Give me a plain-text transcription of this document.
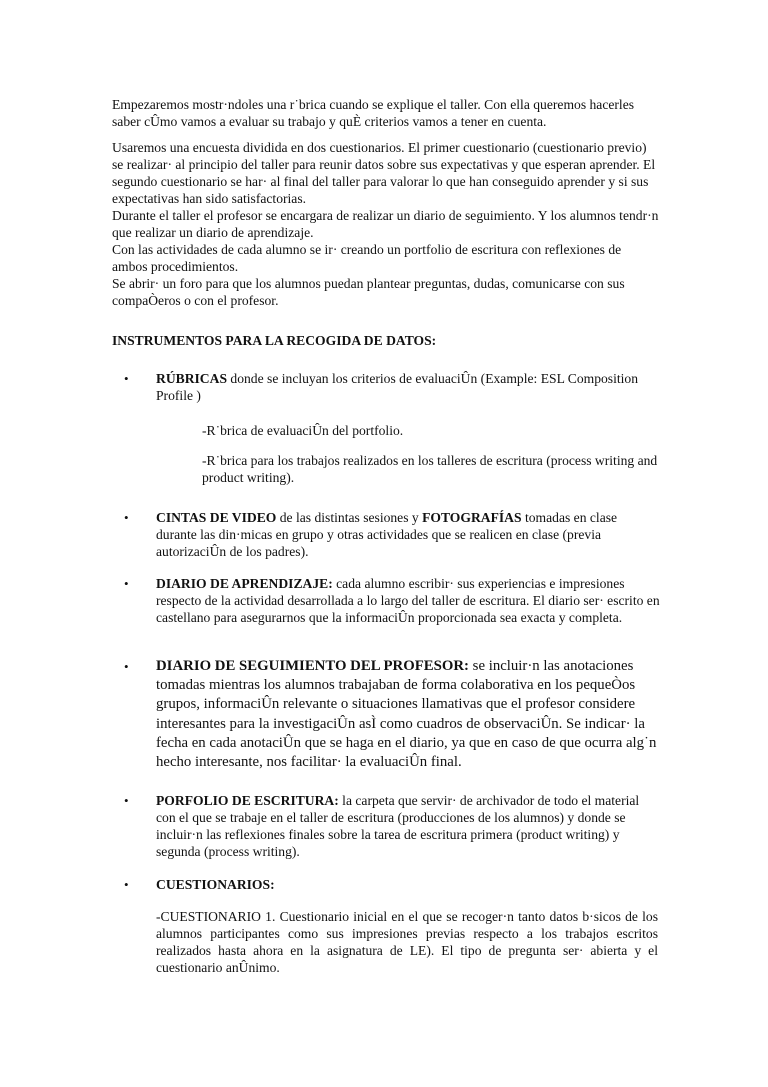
Empezaremos mostr·ndoles una r˙brica cuando se explique el taller. Con ella queremos hacerles saber cÛmo vamos a evaluar su trabajo y quÈ criterios vamos a tener en cuenta.
Usaremos una encuesta dividida en dos cuestionarios. El primer cuestionario (cuestionario previo) se realizar· al principio del taller para reunir datos sobre sus expectativas y que esperan aprender. El segundo cuestionario se har· al final del taller para valorar lo que han conseguido aprender y si sus expectativas han sido satisfactorias.
Durante el taller el profesor se encargara de realizar un diario de seguimiento. Y los alumnos tendr·n que realizar un diario de aprendizaje.
Con las actividades de cada alumno se ir· creando un portfolio de escritura con reflexiones de ambos procedimientos.
Se abrir· un foro para que los alumnos puedan plantear preguntas, dudas, comunicarse con sus compaÒeros o con el profesor.
INSTRUMENTOS PARA LA RECOGIDA DE DATOS:
• RÚBRICAS donde se incluyan los criterios de evaluaciÛn (Example: ESL Composition Profile )
-R˙brica de evaluaciÛn del portfolio.
-R˙brica para los trabajos realizados en los talleres de escritura (process writing and product writing).
• CINTAS DE VIDEO de las distintas sesiones y FOTOGRAFÍAS tomadas en clase durante las din·micas en grupo y otras actividades que se realicen en clase (previa autorizaciÛn de los padres).
• DIARIO DE APRENDIZAJE: cada alumno escribir· sus experiencias e impresiones respecto de la actividad desarrollada a lo largo del taller de escritura. El diario ser· escrito en castellano para asegurarnos que la informaciÛn proporcionada sea exacta y completa.
• DIARIO DE SEGUIMIENTO DEL PROFESOR: se incluir·n las anotaciones tomadas mientras los alumnos trabajaban de forma colaborativa en los pequeÒos grupos, informaciÛn relevante o situaciones llamativas que el profesor considere interesantes para la investigaciÛn asÌ como cuadros de observaciÛn. Se indicar· la fecha en cada anotaciÛn que se haga en el diario, ya que en caso de que ocurra alg˙n hecho interesante, nos facilitar· la evaluaciÛn final.
• PORFOLIO DE ESCRITURA: la carpeta que servir· de archivador de todo el material con el que se trabaje en el taller de escritura (producciones de los alumnos) y donde se incluir·n las reflexiones finales sobre la tarea de escritura primera (product writing) y segunda (process writing).
• CUESTIONARIOS:
-CUESTIONARIO 1. Cuestionario inicial en el que se recoger·n tanto datos b·sicos de los alumnos participantes como sus impresiones previas respecto a los trabajos escritos realizados hasta ahora en la asignatura de LE). El tipo de pregunta ser· abierta y el cuestionario anÛnimo.
